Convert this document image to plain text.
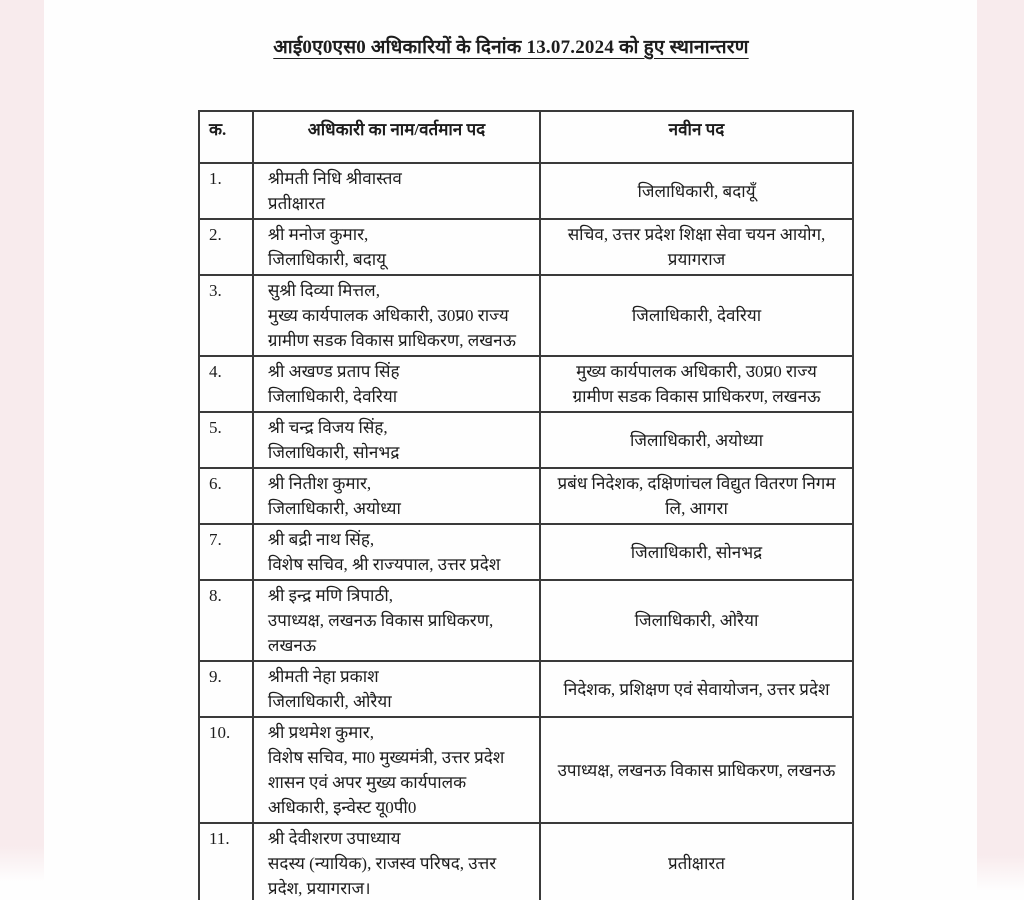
आई0ए0एस0 अधिकारियों के दिनांक 13.07.2024 को हुए स्थानान्तरण
क.	अधिकारी का नाम/वर्तमान पद	नवीन पद
1.	श्रीमती निधि श्रीवास्तव
प्रतीक्षारत	जिलाधिकारी, बदायूँ

2.	श्री मनोज कुमार,
जिलाधिकारी, बदायू	सचिव, उत्तर प्रदेश शिक्षा सेवा चयन आयोग,
प्रयागराज

3.	सुश्री दिव्या मित्तल,
मुख्य कार्यपालक अधिकारी, उ0प्र0 राज्य
ग्रामीण सडक विकास प्राधिकरण, लखनऊ	जिलाधिकारी, देवरिया

4.	श्री अखण्ड प्रताप सिंह
जिलाधिकारी, देवरिया	मुख्य कार्यपालक अधिकारी, उ0प्र0 राज्य
ग्रामीण सडक विकास प्राधिकरण, लखनऊ

5.	श्री चन्द्र विजय सिंह,
जिलाधिकारी, सोनभद्र	जिलाधिकारी, अयोध्या

6.	श्री नितीश कुमार,
जिलाधिकारी, अयोध्या	प्रबंध निदेशक, दक्षिणांचल विद्युत वितरण निगम
लि, आगरा

7.	श्री बद्री नाथ सिंह,
विशेष सचिव, श्री राज्यपाल, उत्तर प्रदेश	जिलाधिकारी, सोनभद्र

8.	श्री इन्द्र मणि त्रिपाठी,
उपाध्यक्ष, लखनऊ विकास प्राधिकरण,
लखनऊ	जिलाधिकारी, ओरैया

9.	श्रीमती नेहा प्रकाश
जिलाधिकारी, ओरैया	निदेशक, प्रशिक्षण एवं सेवायोजन, उत्तर प्रदेश

10.	श्री प्रथमेश कुमार,
विशेष सचिव, मा0 मुख्यमंत्री, उत्तर प्रदेश
शासन एवं अपर मुख्य कार्यपालक
अधिकारी, इन्वेस्ट यू0पी0	उपाध्यक्ष, लखनऊ विकास प्राधिकरण, लखनऊ

11.	श्री देवीशरण उपाध्याय
सदस्य (न्यायिक), राजस्व परिषद, उत्तर
प्रदेश, प्रयागराज।	प्रतीक्षारत
